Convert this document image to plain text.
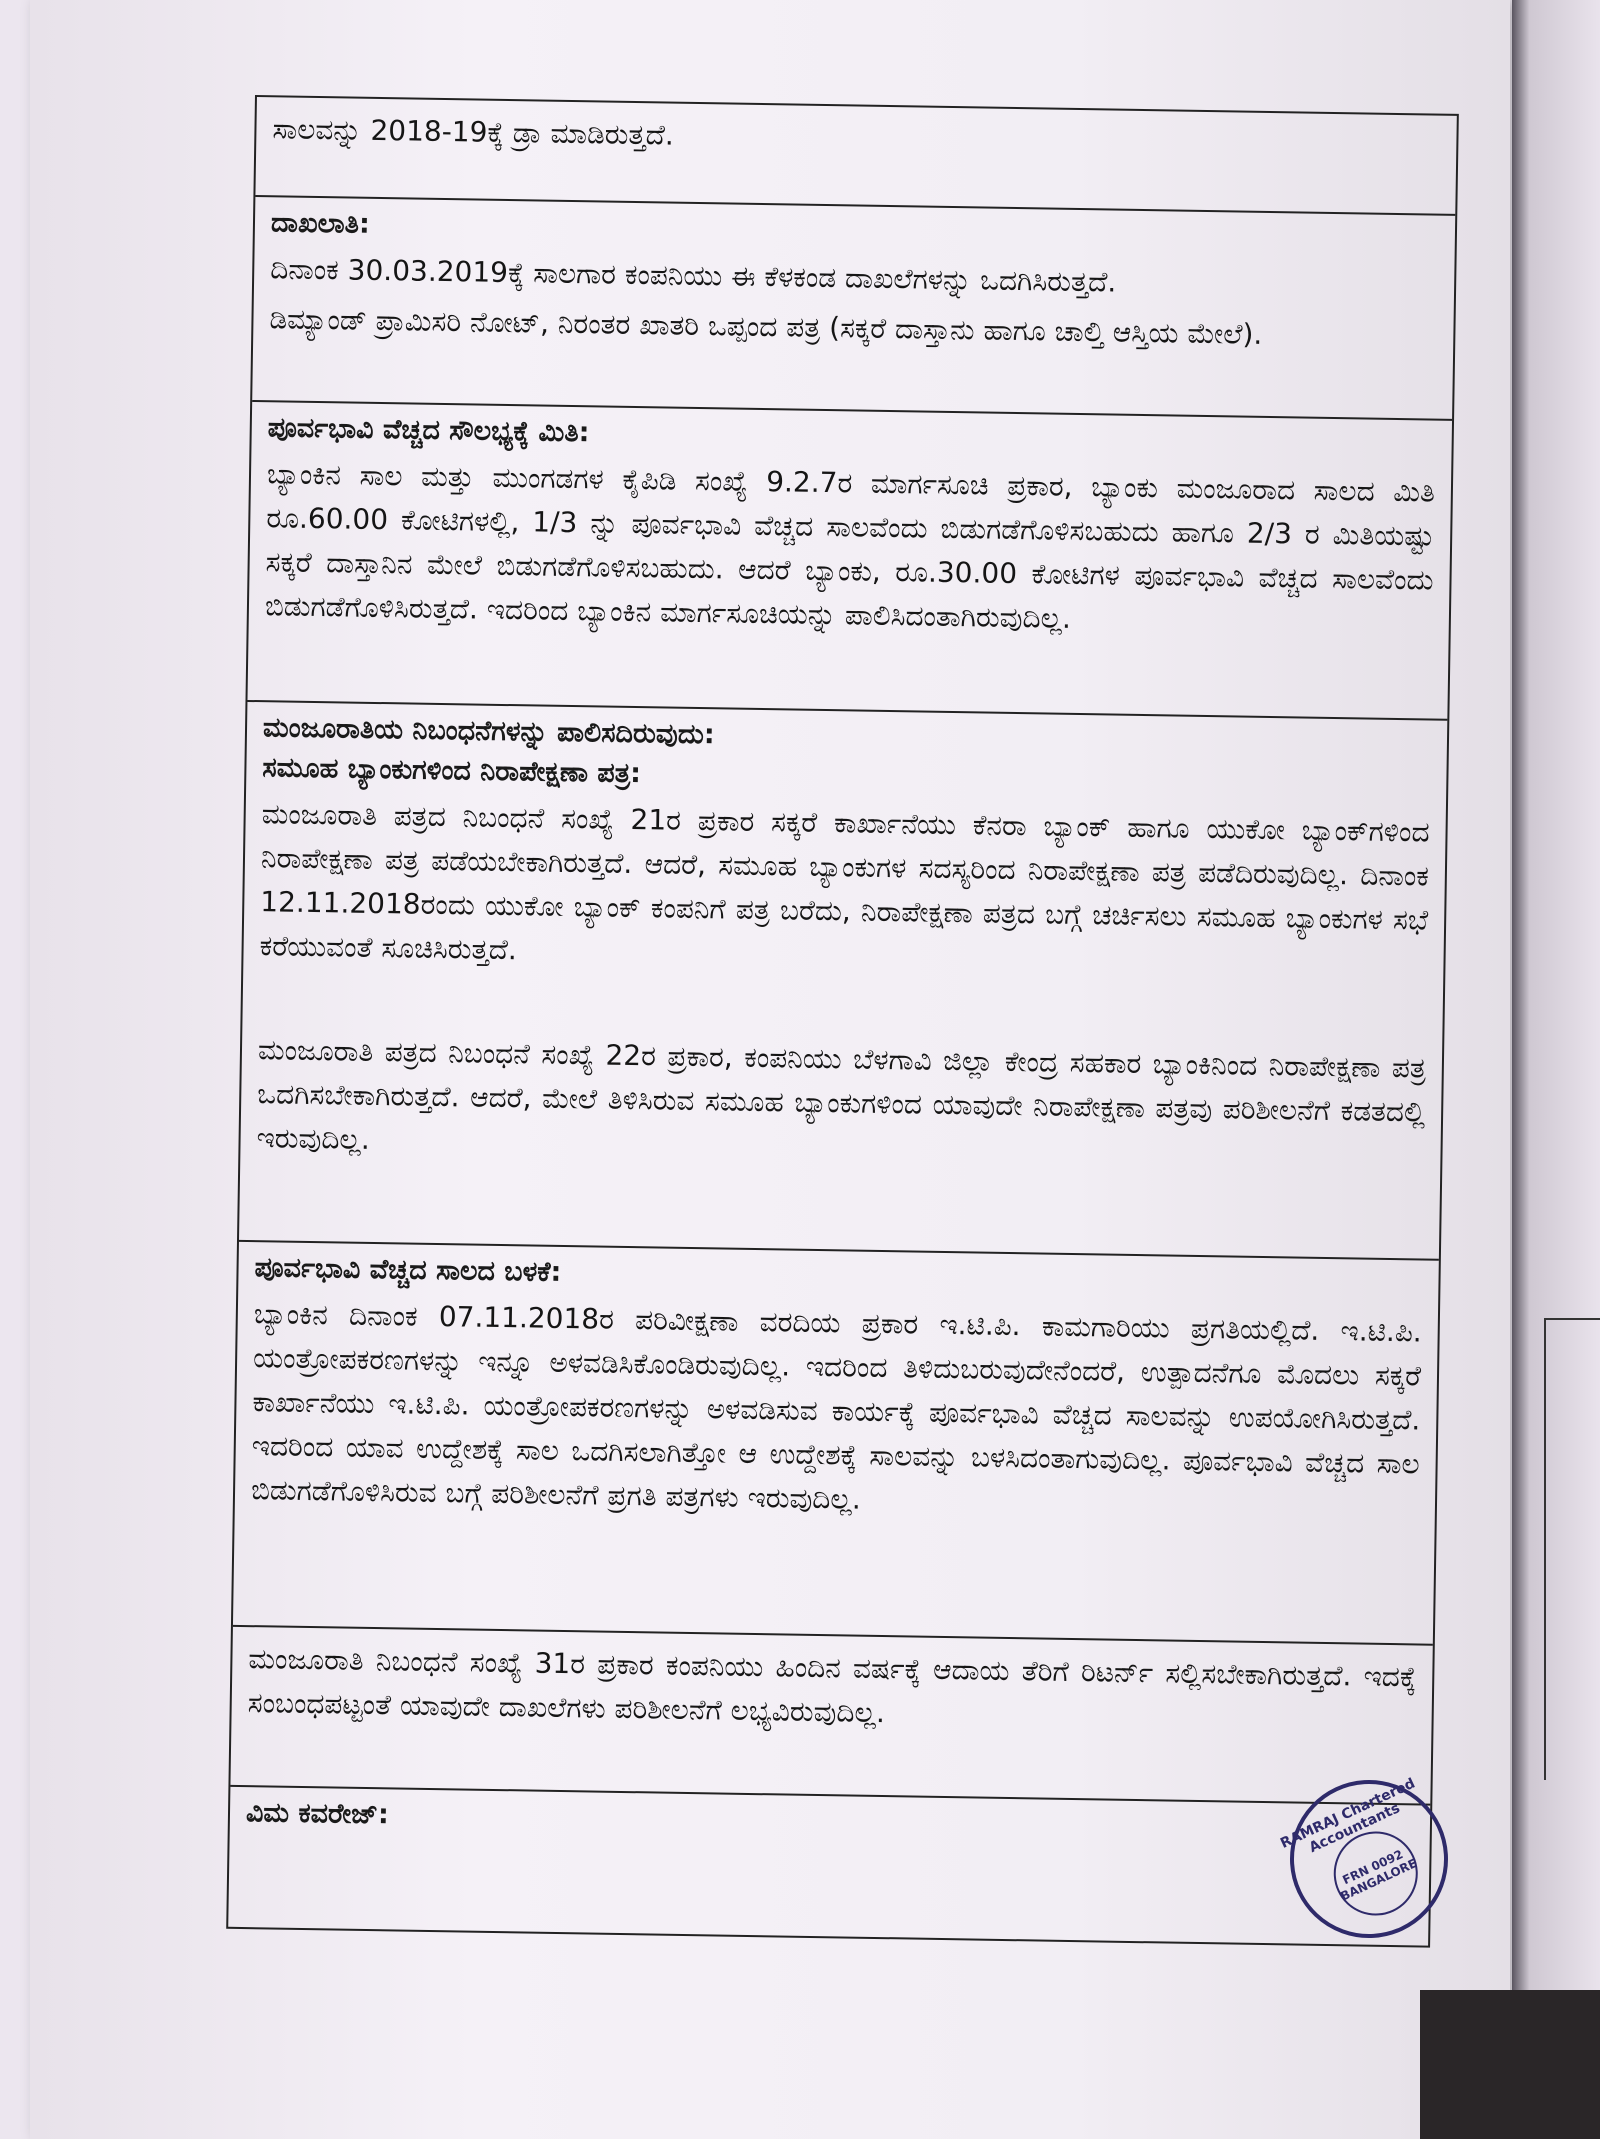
ಸಾಲವನ್ನು 2018-19ಕ್ಕೆ ಡ್ರಾ ಮಾಡಿರುತ್ತದೆ.

ದಾಖಲಾತಿ:

ದಿನಾಂಕ 30.03.2019ಕ್ಕೆ ಸಾಲಗಾರ ಕಂಪನಿಯು ಈ ಕೆಳಕಂಡ ದಾಖಲೆಗಳನ್ನು ಒದಗಿಸಿರುತ್ತದೆ.

ಡಿಮ್ಯಾಂಡ್ ಪ್ರಾಮಿಸರಿ ನೋಟ್, ನಿರಂತರ ಖಾತರಿ ಒಪ್ಪಂದ ಪತ್ರ (ಸಕ್ಕರೆ ದಾಸ್ತಾನು ಹಾಗೂ ಚಾಲ್ತಿ ಆಸ್ತಿಯ ಮೇಲೆ).

ಪೂರ್ವಭಾವಿ ವೆಚ್ಚದ ಸೌಲಭ್ಯಕ್ಕೆ ಮಿತಿ:

ಬ್ಯಾಂಕಿನ ಸಾಲ ಮತ್ತು ಮುಂಗಡಗಳ ಕೈಪಿಡಿ ಸಂಖ್ಯೆ 9.2.7ರ ಮಾರ್ಗಸೂಚಿ ಪ್ರಕಾರ, ಬ್ಯಾಂಕು ಮಂಜೂರಾದ ಸಾಲದ ಮಿತಿ ರೂ.60.00 ಕೋಟಿಗಳಲ್ಲಿ, 1/3 ನ್ನು ಪೂರ್ವಭಾವಿ ವೆಚ್ಚದ ಸಾಲವೆಂದು ಬಿಡುಗಡೆಗೊಳಿಸಬಹುದು ಹಾಗೂ 2/3 ರ ಮಿತಿಯಷ್ಟು ಸಕ್ಕರೆ ದಾಸ್ತಾನಿನ ಮೇಲೆ ಬಿಡುಗಡೆಗೊಳಿಸಬಹುದು. ಆದರೆ ಬ್ಯಾಂಕು, ರೂ.30.00 ಕೋಟಿಗಳ ಪೂರ್ವಭಾವಿ ವೆಚ್ಚದ ಸಾಲವೆಂದು ಬಿಡುಗಡೆಗೊಳಿಸಿರುತ್ತದೆ. ಇದರಿಂದ ಬ್ಯಾಂಕಿನ ಮಾರ್ಗಸೂಚಿಯನ್ನು ಪಾಲಿಸಿದಂತಾಗಿರುವುದಿಲ್ಲ.

ಮಂಜೂರಾತಿಯ ನಿಬಂಧನೆಗಳನ್ನು ಪಾಲಿಸದಿರುವುದು:

ಸಮೂಹ ಬ್ಯಾಂಕುಗಳಿಂದ ನಿರಾಪೇಕ್ಷಣಾ ಪತ್ರ:

ಮಂಜೂರಾತಿ ಪತ್ರದ ನಿಬಂಧನೆ ಸಂಖ್ಯೆ 21ರ ಪ್ರಕಾರ ಸಕ್ಕರೆ ಕಾರ್ಖಾನೆಯು ಕೆನರಾ ಬ್ಯಾಂಕ್ ಹಾಗೂ ಯುಕೋ ಬ್ಯಾಂಕ್‌ಗಳಿಂದ ನಿರಾಪೇಕ್ಷಣಾ ಪತ್ರ ಪಡೆಯಬೇಕಾಗಿರುತ್ತದೆ. ಆದರೆ, ಸಮೂಹ ಬ್ಯಾಂಕುಗಳ ಸದಸ್ಯರಿಂದ ನಿರಾಪೇಕ್ಷಣಾ ಪತ್ರ ಪಡೆದಿರುವುದಿಲ್ಲ. ದಿನಾಂಕ 12.11.2018ರಂದು ಯುಕೋ ಬ್ಯಾಂಕ್ ಕಂಪನಿಗೆ ಪತ್ರ ಬರೆದು, ನಿರಾಪೇಕ್ಷಣಾ ಪತ್ರದ ಬಗ್ಗೆ ಚರ್ಚಿಸಲು ಸಮೂಹ ಬ್ಯಾಂಕುಗಳ ಸಭೆ ಕರೆಯುವಂತೆ ಸೂಚಿಸಿರುತ್ತದೆ.

ಮಂಜೂರಾತಿ ಪತ್ರದ ನಿಬಂಧನೆ ಸಂಖ್ಯೆ 22ರ ಪ್ರಕಾರ, ಕಂಪನಿಯು ಬೆಳಗಾವಿ ಜಿಲ್ಲಾ ಕೇಂದ್ರ ಸಹಕಾರ ಬ್ಯಾಂಕಿನಿಂದ ನಿರಾಪೇಕ್ಷಣಾ ಪತ್ರ ಒದಗಿಸಬೇಕಾಗಿರುತ್ತದೆ. ಆದರೆ, ಮೇಲೆ ತಿಳಿಸಿರುವ ಸಮೂಹ ಬ್ಯಾಂಕುಗಳಿಂದ ಯಾವುದೇ ನಿರಾಪೇಕ್ಷಣಾ ಪತ್ರವು ಪರಿಶೀಲನೆಗೆ ಕಡತದಲ್ಲಿ ಇರುವುದಿಲ್ಲ.

ಪೂರ್ವಭಾವಿ ವೆಚ್ಚದ ಸಾಲದ ಬಳಕೆ:

ಬ್ಯಾಂಕಿನ ದಿನಾಂಕ 07.11.2018ರ ಪರಿವೀಕ್ಷಣಾ ವರದಿಯ ಪ್ರಕಾರ ಇ.ಟಿ.ಪಿ. ಕಾಮಗಾರಿಯು ಪ್ರಗತಿಯಲ್ಲಿದೆ. ಇ.ಟಿ.ಪಿ. ಯಂತ್ರೋಪಕರಣಗಳನ್ನು ಇನ್ನೂ ಅಳವಡಿಸಿಕೊಂಡಿರುವುದಿಲ್ಲ. ಇದರಿಂದ ತಿಳಿದುಬರುವುದೇನೆಂದರೆ, ಉತ್ಪಾದನೆಗೂ ಮೊದಲು ಸಕ್ಕರೆ ಕಾರ್ಖಾನೆಯು ಇ.ಟಿ.ಪಿ. ಯಂತ್ರೋಪಕರಣಗಳನ್ನು ಅಳವಡಿಸುವ ಕಾರ್ಯಕ್ಕೆ ಪೂರ್ವಭಾವಿ ವೆಚ್ಚದ ಸಾಲವನ್ನು ಉಪಯೋಗಿಸಿರುತ್ತದೆ. ಇದರಿಂದ ಯಾವ ಉದ್ದೇಶಕ್ಕೆ ಸಾಲ ಒದಗಿಸಲಾಗಿತ್ತೋ ಆ ಉದ್ದೇಶಕ್ಕೆ ಸಾಲವನ್ನು ಬಳಸಿದಂತಾಗುವುದಿಲ್ಲ. ಪೂರ್ವಭಾವಿ ವೆಚ್ಚದ ಸಾಲ ಬಿಡುಗಡೆಗೊಳಿಸಿರುವ ಬಗ್ಗೆ ಪರಿಶೀಲನೆಗೆ ಪ್ರಗತಿ ಪತ್ರಗಳು ಇರುವುದಿಲ್ಲ.

ಮಂಜೂರಾತಿ ನಿಬಂಧನೆ ಸಂಖ್ಯೆ 31ರ ಪ್ರಕಾರ ಕಂಪನಿಯು ಹಿಂದಿನ ವರ್ಷಕ್ಕೆ ಆದಾಯ ತೆರಿಗೆ ರಿಟರ್ನ್ ಸಲ್ಲಿಸಬೇಕಾಗಿರುತ್ತದೆ. ಇದಕ್ಕೆ ಸಂಬಂಧಪಟ್ಟಂತೆ ಯಾವುದೇ ದಾಖಲೆಗಳು ಪರಿಶೀಲನೆಗೆ ಲಭ್ಯವಿರುವುದಿಲ್ಲ.

ವಿಮ ಕವರೇಜ್:	RAMRAJ Chartered Accountants
FRN 0092 BANGALORE
